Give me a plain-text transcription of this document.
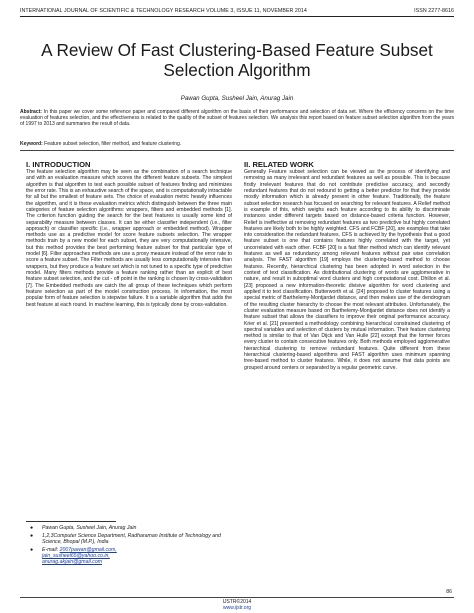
INTERNATIONAL JOURNAL OF SCIENTIFIC & TECHNOLOGY RESEARCH VOLUME 3, ISSUE 11, NOVEMBER 2014	ISSN 2277-8616
A Review Of Fast Clustering-Based Feature Subset Selection Algorithm
Pawan Gupta, Susheel Jain, Anurag Jain

Abstract: In this paper we cover some reference paper and compared different algorithm on the basis of their performance and selection of data set. Where the efficiency concerns on the time evaluation of features selection, and the effectiveness is related to the quality of the subset of features selection. We analysis this report based on feature subset selection algorithm from the years of 1997 to 2013 and summaries the result of data.

Keyword: Feature subset selection, filter method, and feature clustering.

I. INTRODUCTION

The feature selection algorithm may be seen as the combination of a search technique and with an evaluation measure which scores the different feature subsets. The simplest algorithm is that algorithm to test each possible subset of features finding and minimizes the error rate. This is an exhaustive search of the space, and is computationally intractable for all but the smallest of feature sets. The choice of evaluation metric heavily influences the algorithm, and it is these evaluation metrics which distinguish between the three main categories of feature selection algorithms: wrappers, filters and embedded methods [1]. The criterion function guiding the search for the best features is usually some kind of separability measure between classes. It can be either classifier independent (i.e., filter approach) or classifier specific (i.e., wrapper approach or embedded method). Wrapper methods use as a predictive model for score feature subsets selection. The wrapper methods train by a new model for each subset, they are very computationally intensive, but this method provides the best performing feature subset for that particular type of model [6]. Filter approaches methods are use a proxy measure instead of the error rate to score a feature subset. The Filter methods are usually less computationally intensive than wrappers, but they produce a feature set which is not tuned to a specific type of predictive model. Many filters methods provide a feature ranking rather than an explicit of best feature subset selection, and the cut - off point in the ranking is chosen by cross-validation [7]. The Embedded methods are catch the all group of these techniques which perform feature selection as part of the model construction process. In information, the most popular form of feature selection is stepwise failure. It is a variable algorithm that adds the best feature at each round. In machine learning, this is typically done by cross-validation.

II. RELATED WORK

Generally Feature subset selection can be viewed as the process of identifying and removing as many irrelevant and redundant features as well as possible. This is because firstly irrelevant features that do not contribute predictive accuracy, and secondly redundant features that do not redound to getting a better predictor for that they provide mostly information which is already present in other feature. Traditionally, the feature subset selection research has focused on searching for relevant features. A Relief method is example of this, which weighs each feature according to its ability to discriminate instances under different targets based on distance-based criteria function. However, Relief is ineffective at removing redundant features as two predictive but highly correlated features are likely both to be highly weighted. CFS and FCBF [20], are examples that take into consideration the redundant features. CFS is achieved by the hypothesis that a good feature subset is one that contains features highly correlated with the target, yet uncorrelated with each other. FCBF [20] is a fast filter method which can identify relevant features as well as redundancy among relevant features without pair wise correlation analysis. The FAST algorithm [19] employs the clustering-based method to choose features. Recently, hierarchical clustering has been adopted in word selection in the context of text classification. As distributional clustering of words are agglomerative in nature, and result in suboptimal word clusters and high computational cost. Dhillon et al. [23] proposed a new information-theoretic divisive algorithm for word clustering and applied it to text classification. Butterworth et al. [24] proposed to cluster features using a special metric of Barthelemy-Montjardet distance, and then makes use of the dendrogram of the resulting cluster hierarchy to choose the most relevant attributes. Unfortunately, the cluster evaluation measure based on Barthelemy-Montjardet distance does not identify a feature subset that allows the classifiers to improve their original performance accuracy. Krier et al. [21] presented a methodology combining hierarchical constrained clustering of spectral variables and selection of clusters by mutual information. Their feature clustering method is similar to that of Van Dijck and Van Hulle [22] except that the former forces every cluster to contain consecutive features only. Both methods employed agglomerative hierarchical clustering to remove redundant features. Quite different from these hierarchical clustering-based algorithms and FAST algorithm uses minimum spanning tree-based method to cluster features. While, it does not assume that data points are grouped around centers or separated by a regular geometric curve.

● Pawan Gupta, Susheel Jain, Anurag Jain
● 1,2,3Computer Science Department, Radharaman Institute of Technology and Science, Bhopal (M.P.), India
● E-mail: 2007pawan@gmail.com,
jain_susheel65@yahoo.co.in,
anurag.akjain@gmail.com
86
IJSTR©2014
www.ijstr.org
